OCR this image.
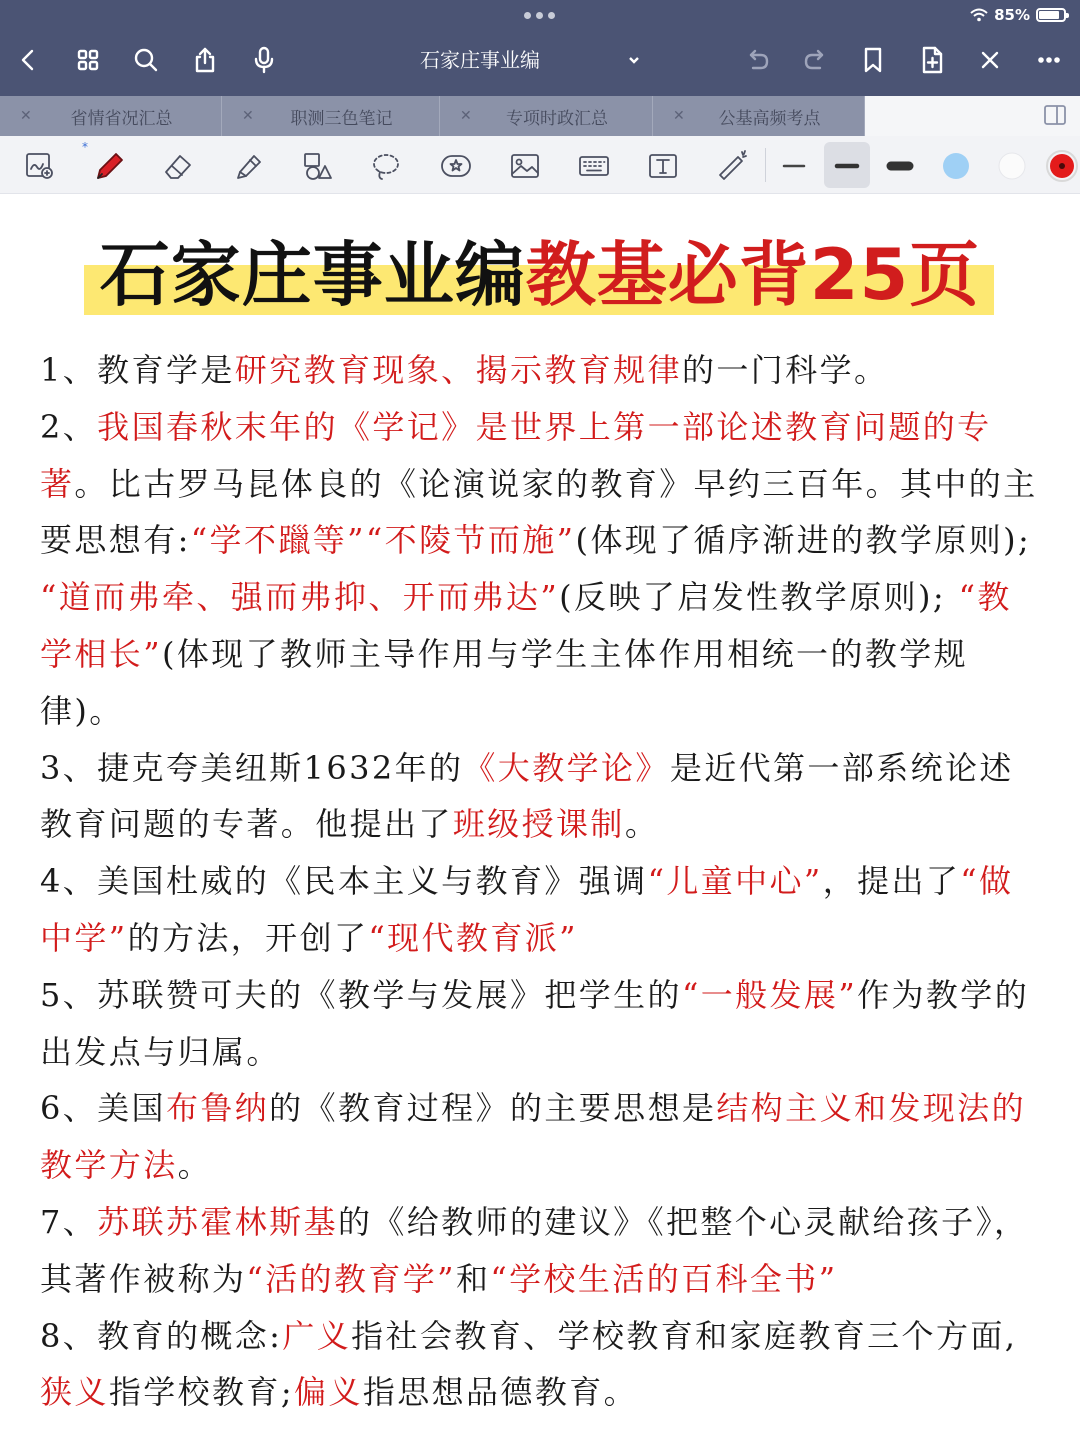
85%
石家庄事业编
✕	省情省况汇总	✕	职测三色笔记	✕	专项时政汇总	✕	公基高频考点
*
石家庄事业编教基必背25页

1、教育学是研究教育现象、揭示教育规律的一门科学。

2、我国春秋末年的《学记》是世界上第一部论述教育问题的专著。比古罗马昆体良的《论演说家的教育》早约三百年。其中的主要思想有:“学不躐等”“不陵节而施”(体现了循序渐进的教学原则); “道而弗牵、强而弗抑、开而弗达”(反映了启发性教学原则); “教学相长”(体现了教师主导作用与学生主体作用相统一的教学规律)。

3、捷克夸美纽斯1632年的《大教学论》是近代第一部系统论述教育问题的专著。他提出了班级授课制。

4、美国杜威的《民本主义与教育》强调“儿童中心”，提出了“做中学”的方法，开创了“现代教育派”

5、苏联赞可夫的《教学与发展》把学生的“一般发展”作为教学的出发点与归属。

6、美国布鲁纳的《教育过程》的主要思想是结构主义和发现法的教学方法。

7、苏联苏霍林斯基的《给教师的建议》《把整个心灵献给孩子》，其著作被称为“活的教育学”和“学校生活的百科全书”

8、教育的概念:广义指社会教育、学校教育和家庭教育三个方面, 狭义指学校教育;偏义指思想品德教育。
